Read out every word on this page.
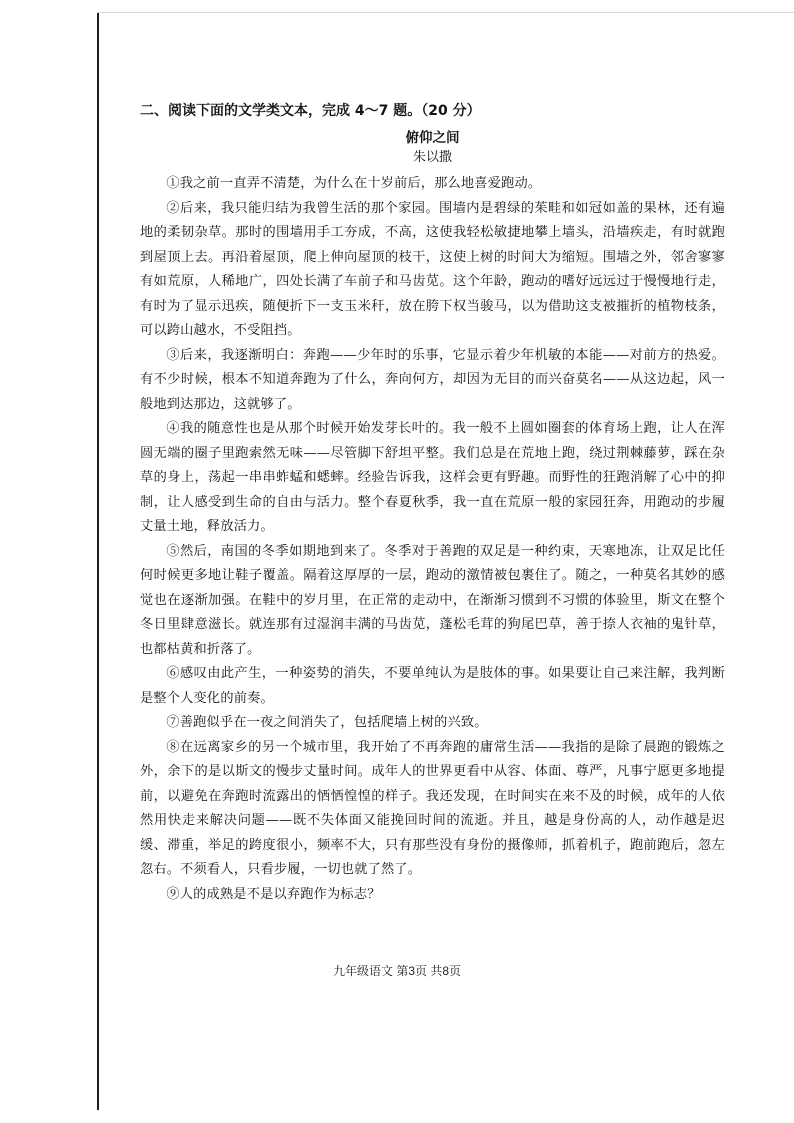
二、阅读下面的文学类文本，完成 4～7 题。（20 分）
俯仰之间
朱以撒

①我之前一直弄不清楚，为什么在十岁前后，那么地喜爱跑动。

②后来，我只能归结为我曾生活的那个家园。围墙内是碧绿的茱畦和如冠如盖的果林，还有遍地的柔韧杂草。那时的围墙用手工夯成，不高，这使我轻松敏捷地攀上墙头，沿墙疾走，有时就跑到屋顶上去。再沿着屋顶，爬上伸向屋顶的枝干，这使上树的时间大为缩短。围墙之外，邻舍寥寥有如荒原，人稀地广，四处长满了车前子和马齿苋。这个年龄，跑动的嗜好远远过于慢慢地行走，有时为了显示迅疾，随便折下一支玉米秆，放在胯下权当骏马，以为借助这支被摧折的植物枝条，可以跨山越水，不受阻挡。

③后来，我逐渐明白：奔跑——少年时的乐事，它显示着少年机敏的本能——对前方的热爱。有不少时候，根本不知道奔跑为了什么，奔向何方，却因为无目的而兴奋莫名——从这边起，风一般地到达那边，这就够了。

④我的随意性也是从那个时候开始发芽长叶的。我一般不上圆如圈套的体育场上跑，让人在浑圆无端的圈子里跑索然无味——尽管脚下舒坦平整。我们总是在荒地上跑，绕过荆棘藤萝，踩在杂草的身上，荡起一串串蚱蜢和蟋蟀。经验告诉我，这样会更有野趣。而野性的狂跑消解了心中的抑制，让人感受到生命的自由与活力。整个春夏秋季，我一直在荒原一般的家园狂奔，用跑动的步履丈量土地，释放活力。

⑤然后，南国的冬季如期地到来了。冬季对于善跑的双足是一种约束，天寒地冻，让双足比任何时候更多地让鞋子覆盖。隔着这厚厚的一层，跑动的激情被包裹住了。随之，一种莫名其妙的感觉也在逐渐加强。在鞋中的岁月里，在正常的走动中，在渐渐习惯到不习惯的体验里，斯文在整个冬日里肆意滋长。就连那有过湿润丰满的马齿苋，蓬松毛茸的狗尾巴草，善于捺人衣袖的鬼针草，也都枯黄和折落了。

⑥感叹由此产生，一种姿势的消失，不要单纯认为是肢体的事。如果要让自己来注解，我判断是整个人变化的前奏。

⑦善跑似乎在一夜之间消失了，包括爬墙上树的兴致。

⑧在远离家乡的另一个城市里，我开始了不再奔跑的庸常生活——我指的是除了晨跑的锻炼之外，余下的是以斯文的慢步丈量时间。成年人的世界更看中从容、体面、尊严，凡事宁愿更多地提前，以避免在奔跑时流露出的恓恓惶惶的样子。我还发现，在时间实在来不及的时候，成年的人依然用快走来解决问题——既不失体面又能挽回时间的流逝。并且，越是身份高的人，动作越是迟缓、滞重，举足的跨度很小，频率不大，只有那些没有身份的摄像师，抓着机子，跑前跑后，忽左忽右。不须看人，只看步履，一切也就了然了。

⑨人的成熟是不是以弃跑作为标志？

九年级语文 第3页 共8页
